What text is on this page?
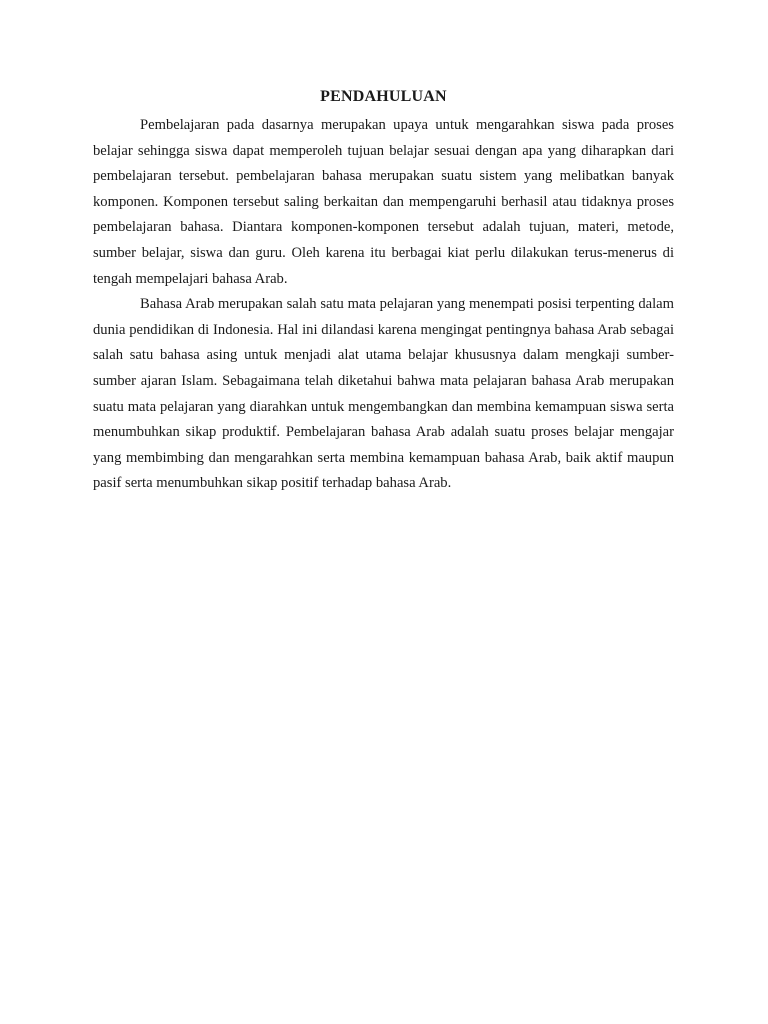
PENDAHULUAN

Pembelajaran pada dasarnya merupakan upaya untuk mengarahkan siswa pada proses belajar sehingga siswa dapat memperoleh tujuan belajar sesuai dengan apa yang diharapkan dari pembelajaran tersebut. pembelajaran bahasa merupakan suatu sistem yang melibatkan banyak komponen. Komponen tersebut saling berkaitan dan mempengaruhi berhasil atau tidaknya proses pembelajaran bahasa. Diantara komponen-komponen tersebut adalah tujuan, materi, metode, sumber belajar, siswa dan guru. Oleh karena itu berbagai kiat perlu dilakukan terus-menerus di tengah mempelajari bahasa Arab.

Bahasa Arab merupakan salah satu mata pelajaran yang menempati posisi terpenting dalam dunia pendidikan di Indonesia. Hal ini dilandasi karena mengingat pentingnya bahasa Arab sebagai salah satu bahasa asing untuk menjadi alat utama belajar khususnya dalam mengkaji sumber-sumber ajaran Islam. Sebagaimana telah diketahui bahwa mata pelajaran bahasa Arab merupakan suatu mata pelajaran yang diarahkan untuk mengembangkan dan membina kemampuan siswa serta menumbuhkan sikap produktif. Pembelajaran bahasa Arab adalah suatu proses belajar mengajar yang membimbing dan mengarahkan serta membina kemampuan bahasa Arab, baik aktif maupun pasif serta menumbuhkan sikap positif terhadap bahasa Arab.
